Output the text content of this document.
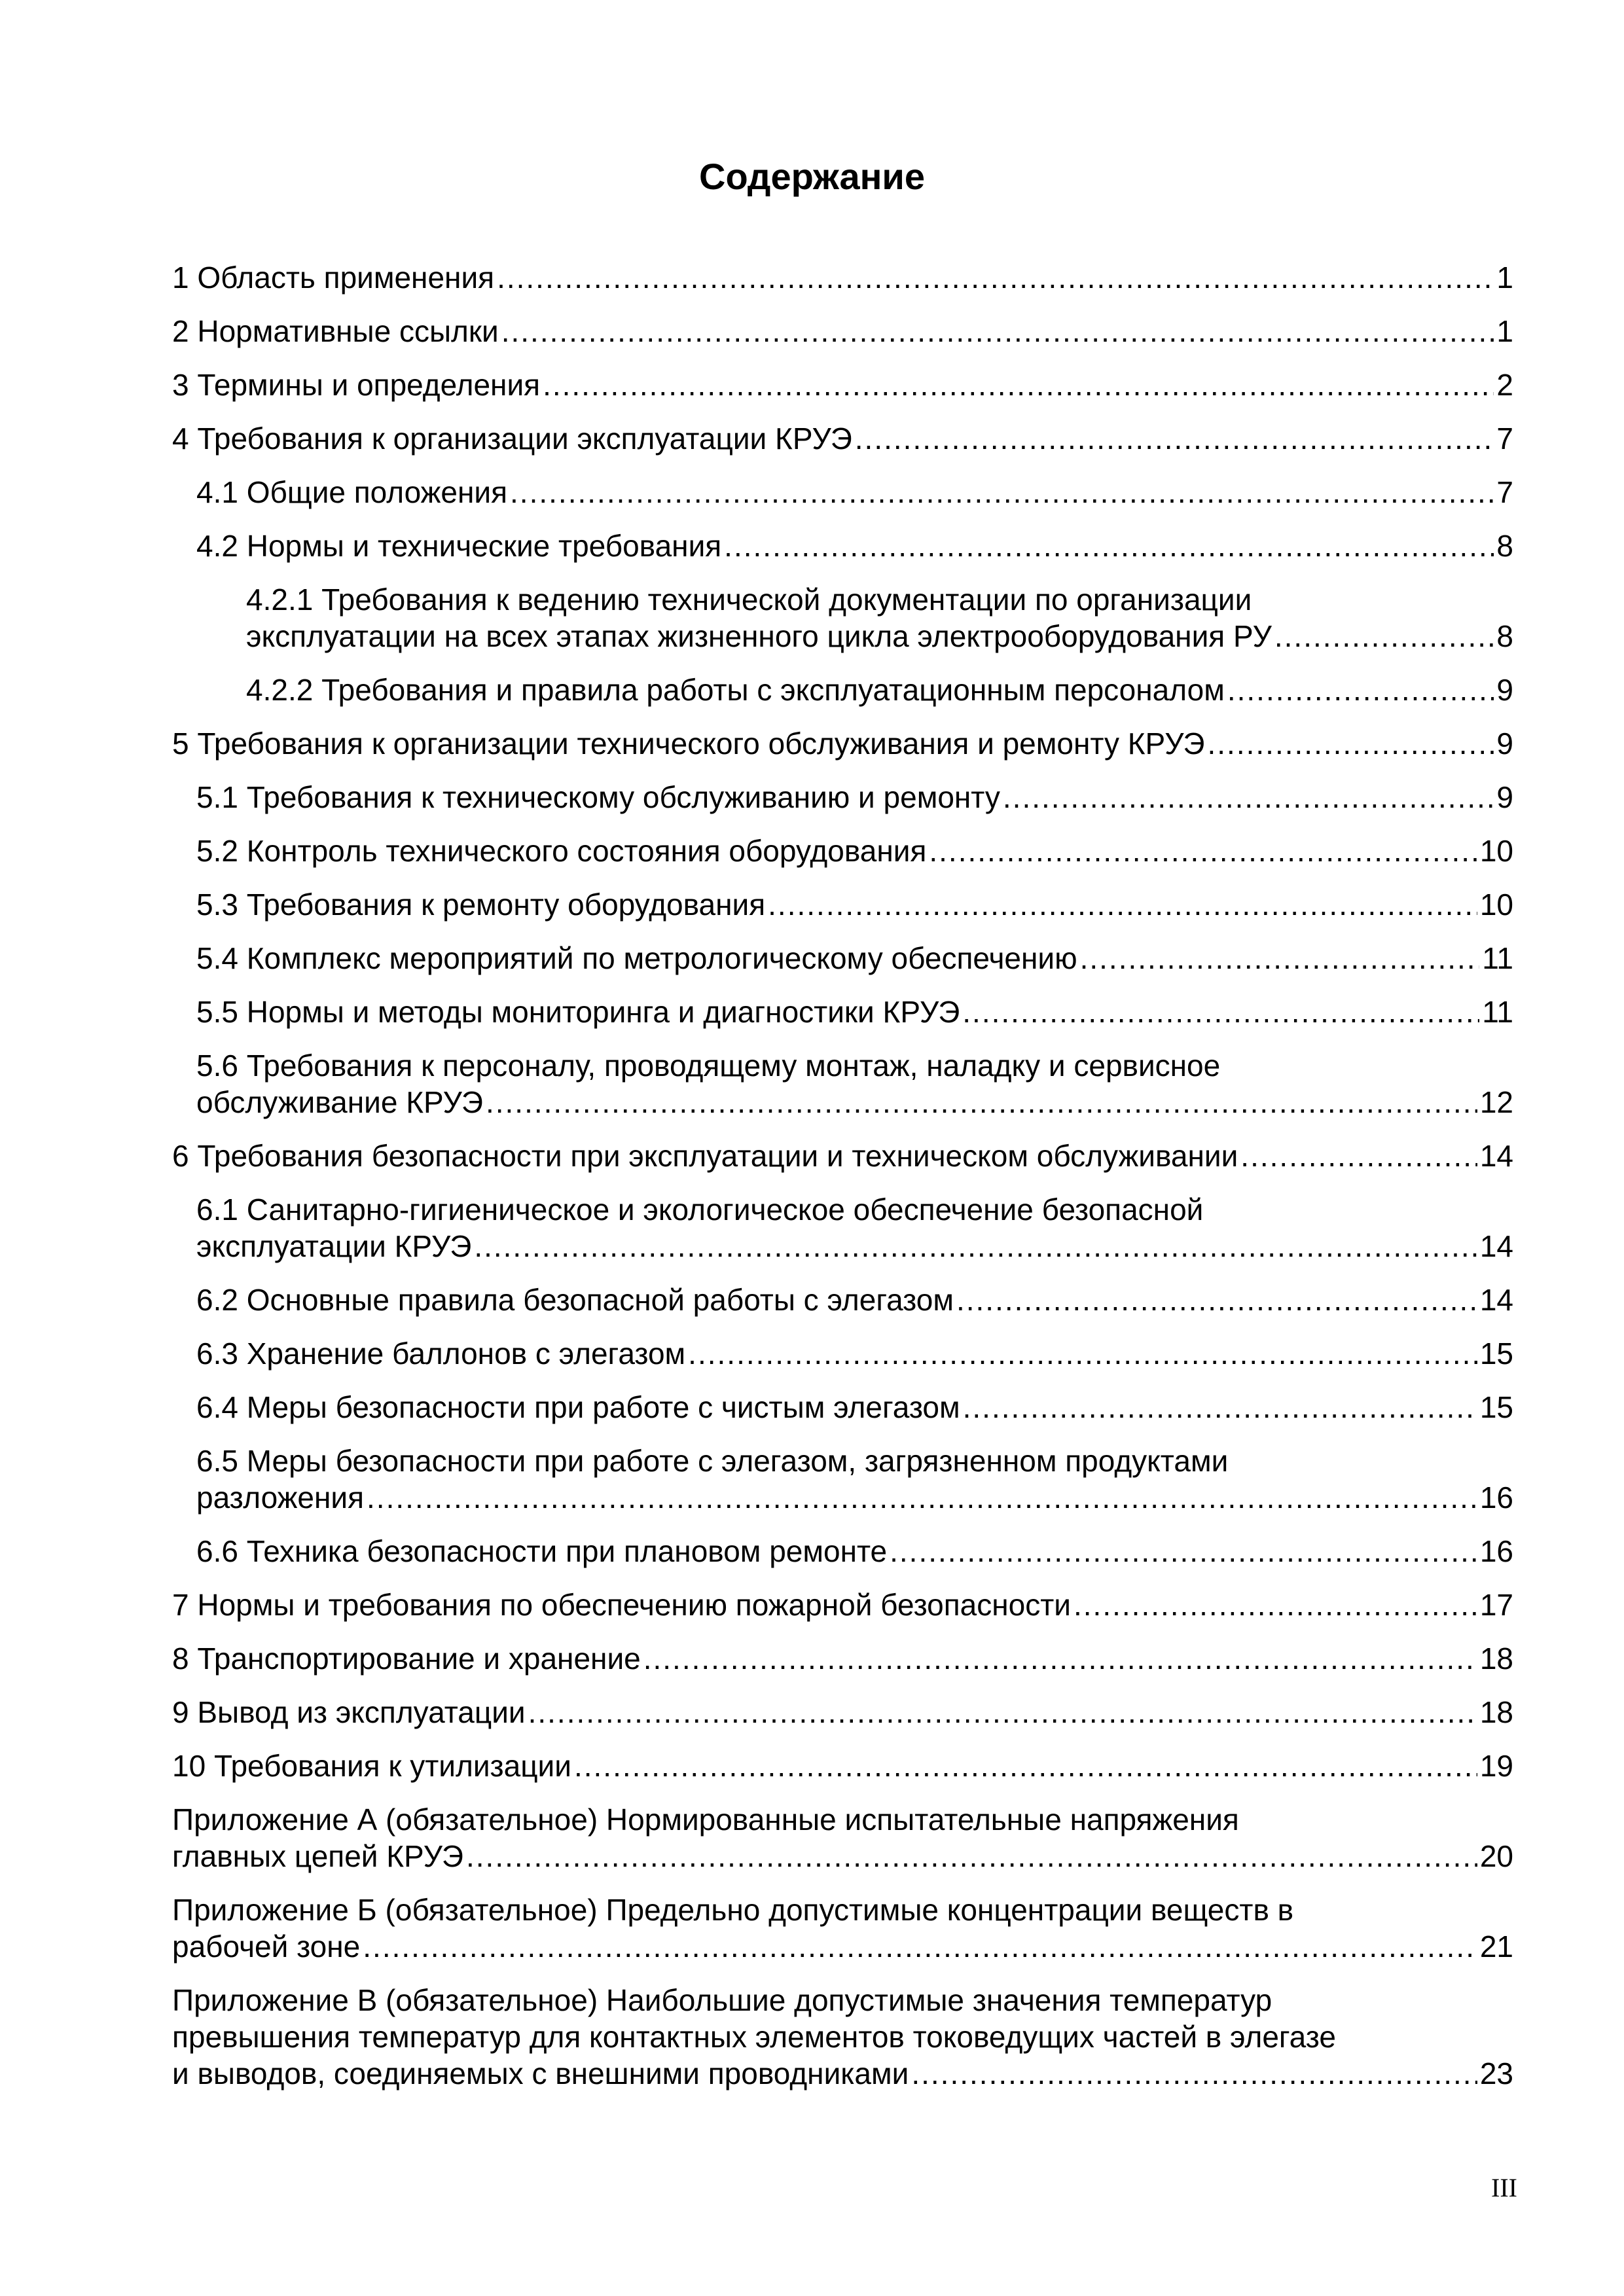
Содержание
1 Область применения .....	1
2 Нормативные ссылки .....	1
3 Термины и определения .....	2
4 Требования к организации эксплуатации КРУЭ .....	7
4.1 Общие положения .....	7
4.2 Нормы и технические требования .....	8
4.2.1 Требования к ведению технической документации по организации
эксплуатации на всех этапах жизненного цикла электрооборудования РУ .....	8
4.2.2 Требования и правила работы с эксплуатационным персоналом .....	9
5 Требования к организации технического обслуживания и ремонту КРУЭ .....	9
5.1 Требования к техническому обслуживанию и ремонту .....	9
5.2 Контроль технического состояния оборудования .....	10
5.3 Требования к ремонту оборудования .....	10
5.4 Комплекс мероприятий по метрологическому обеспечению .....	11
5.5 Нормы и методы мониторинга и диагностики КРУЭ .....	11
5.6 Требования к персоналу, проводящему монтаж, наладку и сервисное
обслуживание КРУЭ .....	12
6 Требования безопасности при эксплуатации и техническом обслуживании .....	14
6.1 Санитарно-гигиеническое и экологическое обеспечение безопасной
эксплуатации КРУЭ .....	14
6.2 Основные правила безопасной работы с элегазом .....	14
6.3 Хранение баллонов с элегазом .....	15
6.4 Меры безопасности при работе с чистым элегазом .....	15
6.5 Меры безопасности при работе с элегазом, загрязненном продуктами
разложения .....	16
6.6 Техника безопасности при плановом ремонте .....	16
7 Нормы и требования по обеспечению пожарной безопасности .....	17
8 Транспортирование и хранение .....	18
9 Вывод из эксплуатации .....	18
10 Требования к утилизации .....	19
Приложение А (обязательное) Нормированные испытательные напряжения
главных цепей КРУЭ .....	20
Приложение Б (обязательное) Предельно допустимые концентрации веществ в
рабочей зоне .....	21
Приложение В (обязательное) Наибольшие допустимые значения температур
превышения температур для контактных элементов токоведущих частей в элегазе
и выводов, соединяемых с внешними проводниками .....	23
III
